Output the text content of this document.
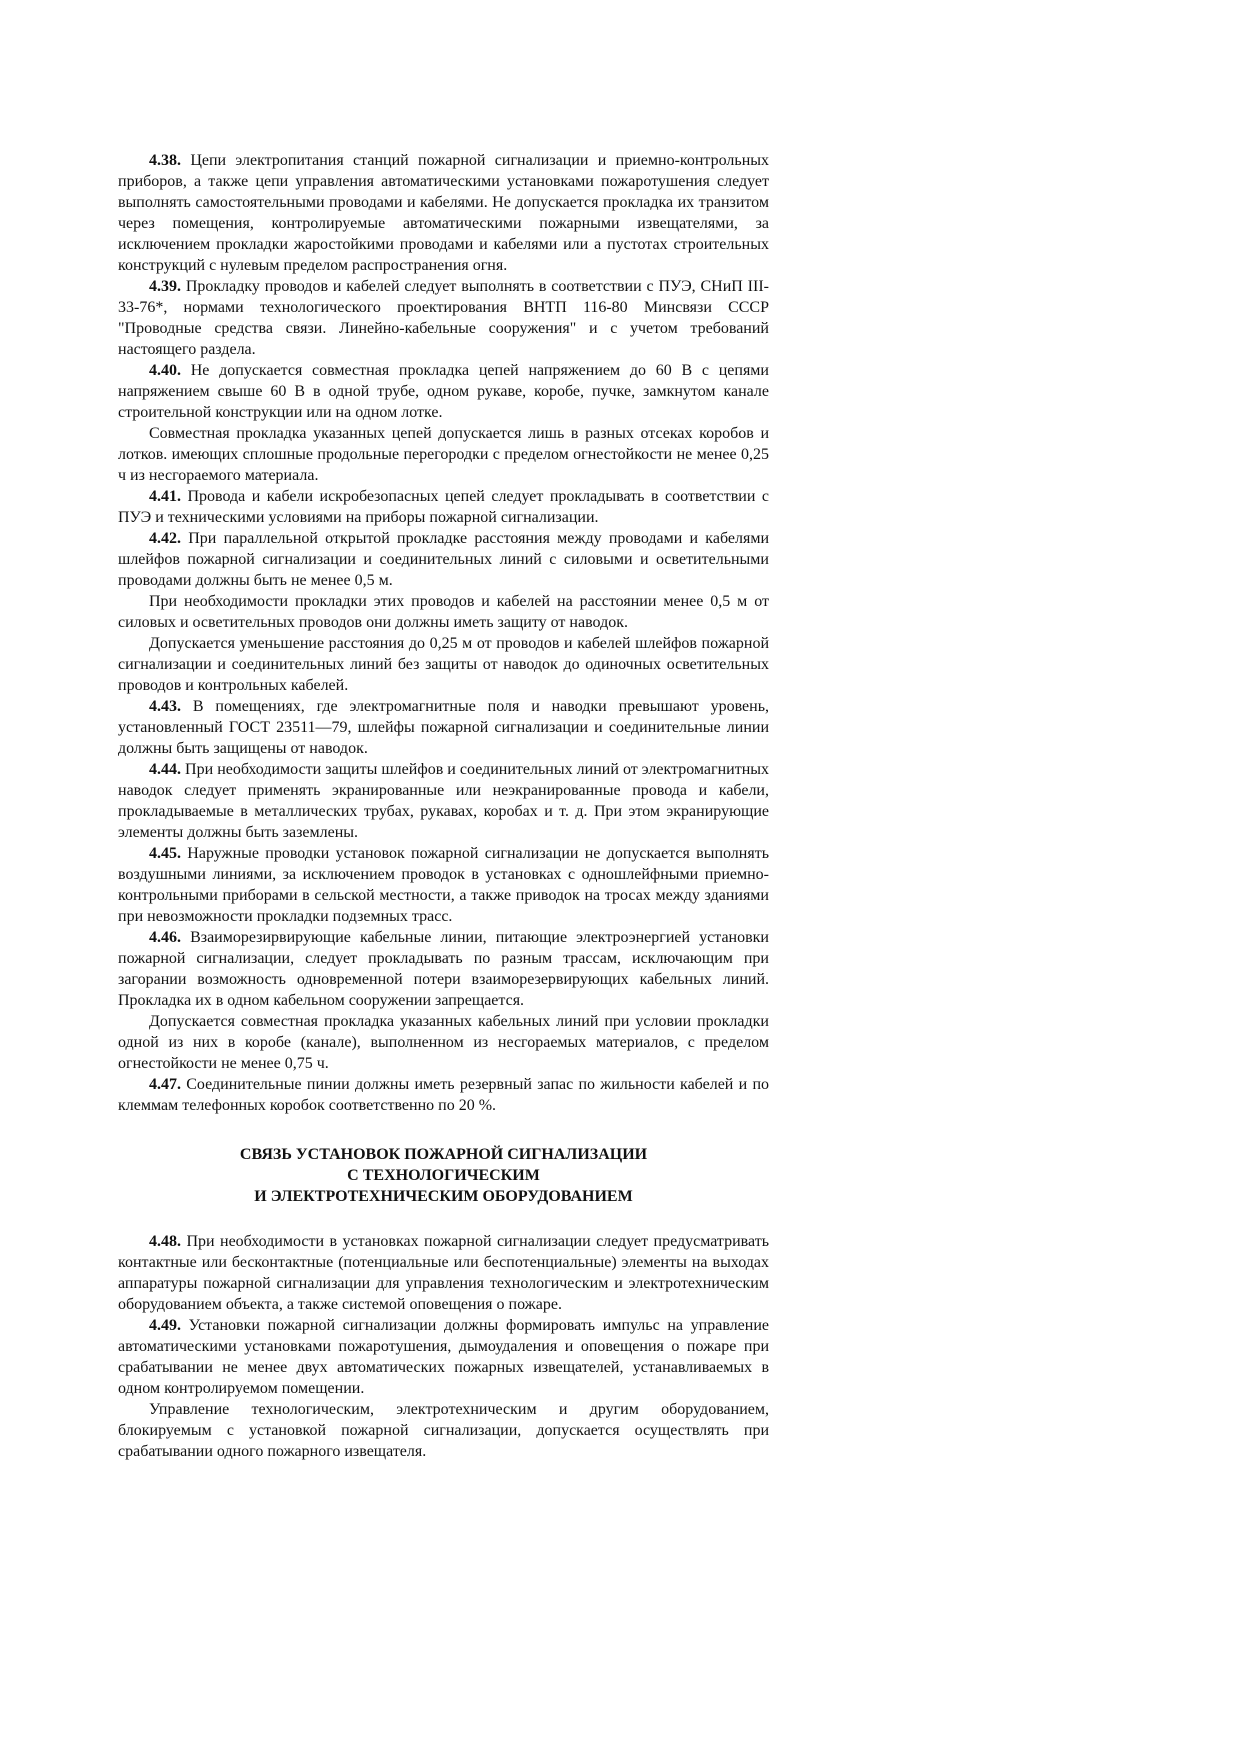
4.38. Цепи электропитания станций пожарной сигнализации и приемно-контрольных приборов, а также цепи управления автоматическими установками пожаротушения следует выполнять самостоятельными проводами и кабелями. Не допускается прокладка их транзитом через помещения, контролируемые автоматическими пожарными извещателями, за исключением прокладки жаростойкими проводами и кабелями или а пустотах строительных конструкций с нулевым пределом распространения огня.

4.39. Прокладку проводов и кабелей следует выполнять в соответствии с ПУЭ, СНиП III-33-76*, нормами технологического проектирования ВНТП 116-80 Минсвязи СССР "Проводные средства связи. Линейно-кабельные сооружения" и с учетом требований настоящего раздела.

4.40. Не допускается совместная прокладка цепей напряжением до 60 В с цепями напряжением свыше 60 В в одной трубе, одном рукаве, коробе, пучке, замкнутом канале строительной конструкции или на одном лотке.

Совместная прокладка указанных цепей допускается лишь в разных отсеках коробов и лотков. имеющих сплошные продольные перегородки с пределом огнестойкости не менее 0,25 ч из несгораемого материала.

4.41. Провода и кабели искробезопасных цепей следует прокладывать в соответствии с ПУЭ и техническими условиями на приборы пожарной сигнализации.

4.42. При параллельной открытой прокладке расстояния между проводами и кабелями шлейфов пожарной сигнализации и соединительных линий с силовыми и осветительными проводами должны быть не менее 0,5 м.

При необходимости прокладки этих проводов и кабелей на расстоянии менее 0,5 м от силовых и осветительных проводов они должны иметь защиту от наводок.

Допускается уменьшение расстояния до 0,25 м от проводов и кабелей шлейфов пожарной сигнализации и соединительных линий без защиты от наводок до одиночных осветительных проводов и контрольных кабелей.

4.43. В помещениях, где электромагнитные поля и наводки превышают уровень, установленный ГОСТ 23511—79, шлейфы пожарной сигнализации и соединительные линии должны быть защищены от наводок.

4.44. При необходимости защиты шлейфов и соединительных линий от электромагнитных наводок следует применять экранированные или неэкранированные провода и кабели, прокладываемые в металлических трубах, рукавах, коробах и т. д. При этом экранирующие элементы должны быть заземлены.

4.45. Наружные проводки установок пожарной сигнализации не допускается выполнять воздушными линиями, за исключением проводок в установках с одношлейфными приемно-контрольными приборами в сельской местности, а также приводок на тросах между зданиями при невозможности прокладки подземных трасс.

4.46. Взаиморезирвирующие кабельные линии, питающие электроэнергией установки пожарной сигнализации, следует прокладывать по разным трассам, исключающим при загорании возможность одновременной потери взаиморезервирующих кабельных линий. Прокладка их в одном кабельном сооружении запрещается.

Допускается совместная прокладка указанных кабельных линий при условии прокладки одной из них в коробе (канале), выполненном из несгораемых материалов, с пределом огнестойкости не менее 0,75 ч.

4.47. Соединительные пинии должны иметь резервный запас по жильности кабелей и по клеммам телефонных коробок соответственно по 20 %.

СВЯЗЬ УСТАНОВОК ПОЖАРНОЙ СИГНАЛИЗАЦИИ
С ТЕХНОЛОГИЧЕСКИМ
И ЭЛЕКТРОТЕХНИЧЕСКИМ ОБОРУДОВАНИЕМ

4.48. При необходимости в установках пожарной сигнализации следует предусматривать контактные или бесконтактные (потенциальные или беспотенциальные) элементы на выходах аппаратуры пожарной сигнализации для управления технологическим и электротехническим оборудованием объекта, а также системой оповещения о пожаре.

4.49. Установки пожарной сигнализации должны формировать импульс на управление автоматическими установками пожаротушения, дымоудаления и оповещения о пожаре при срабатывании не менее двух автоматических пожарных извещателей, устанавливаемых в одном контролируемом помещении.

Управление технологическим, электротехническим и другим оборудованием, блокируемым с установкой пожарной сигнализации, допускается осуществлять при срабатывании одного пожарного извещателя.
